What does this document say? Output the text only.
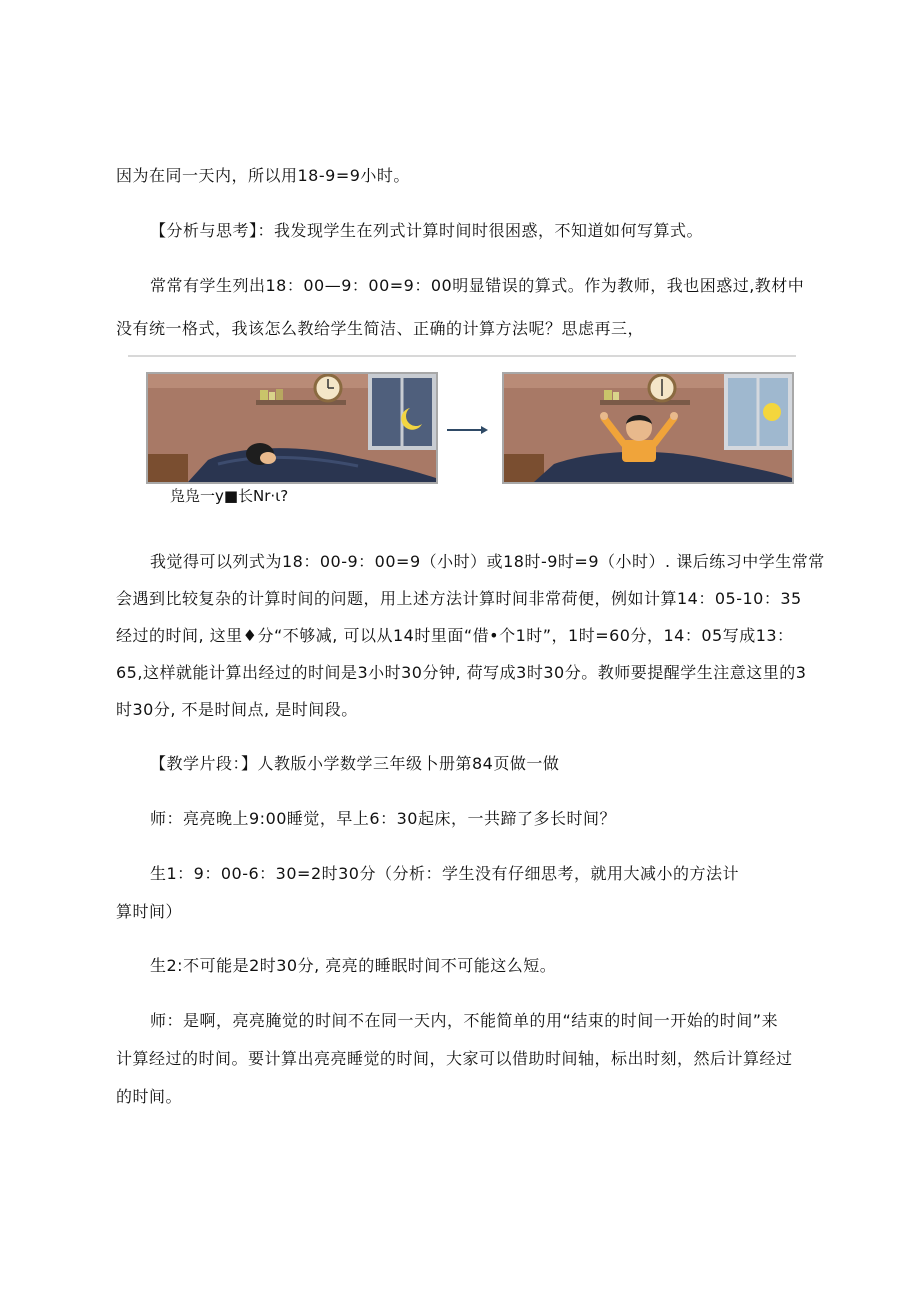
因为在同一天内，所以用18-9=9小时。

【分析与思考】：我发现学生在列式计算时间时很困惑，不知道如何写算式。

常常有学生列出18：00—9：00=9：00明显错误的算式。作为教师，我也困惑过,教材中

没有统一格式，我该怎么教给学生简洁、正确的计算方法呢？思虑再三，

凫凫一y■长Nr·ι?

我觉得可以列式为18：00-9：00=9（小时）或18时-9时=9（小时）. 课后练习中学生常常

会遇到比较复杂的计算时间的问题，用上述方法计算时间非常荷便，例如计算14：05-10：35

经过的时间, 这里♦分“不够减, 可以从14时里面“借•个1时”，1时=60分，14：05写成13：

65,这样就能计算出经过的时间是3小时30分钟, 荷写成3时30分。教师要提醒学生注意这里的3

时30分, 不是时间点, 是时间段。

【教学片段：】人教版小学数学三年级卜册第84页做一做

师：亮亮晚上9:00睡觉，早上6：30起床，一共蹄了多长时间？

生1：9：00-6：30=2时30分（分析：学生没有仔细思考，就用大减小的方法计

算时间）

生2:不可能是2时30分, 亮亮的睡眠时间不可能这么短。

师：是啊，亮亮腌觉的时间不在同一天内，不能简单的用“结束的时间一开始的时间”来

计算经过的时间。要计算出亮亮睡觉的时间，大家可以借助时间轴，标出时刻，然后计算经过

的时间。
